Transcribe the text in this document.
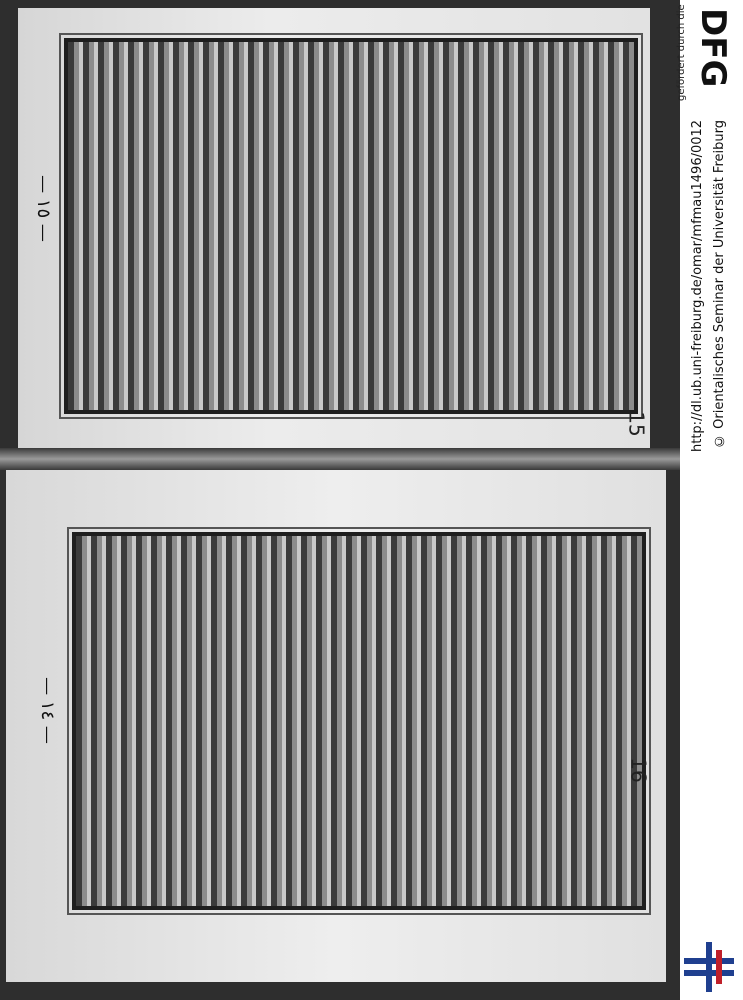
— ١٥ —
— ١٤ —
15
16
gefördert durch die DFG
http://dl.ub.uni-freiburg.de/omar/mfmau1496/0012 © Orientalisches Seminar der Universität Freiburg
